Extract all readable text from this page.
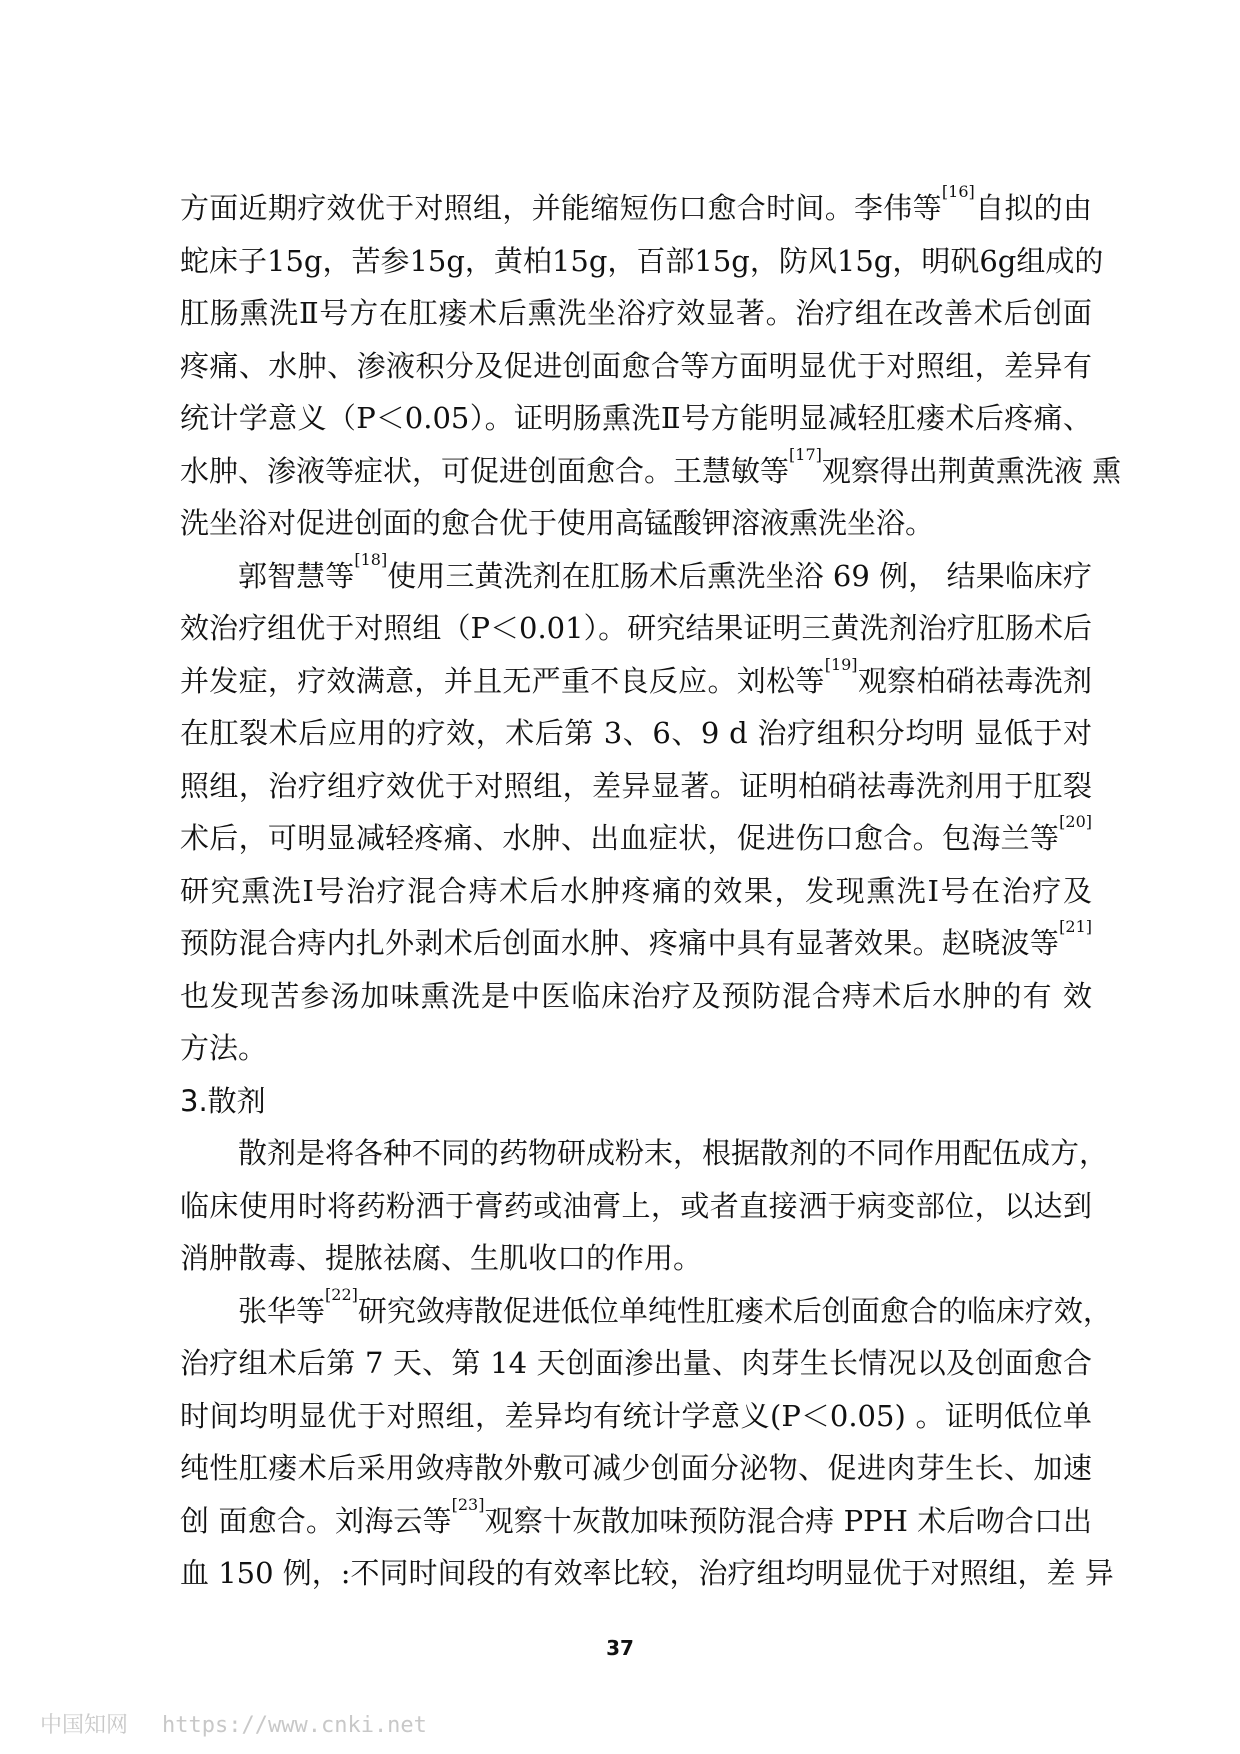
方面近期疗效优于对照组，并能缩短伤口愈合时间。李伟等[16]自拟的由
蛇床子15g，苦参15g，黄柏15g，百部15g，防风15g，明矾6g组成的
肛肠熏洗Ⅱ号方在肛瘘术后熏洗坐浴疗效显著。治疗组在改善术后创面
疼痛、水肿、渗液积分及促进创面愈合等方面明显优于对照组，差异有
统计学意义（P＜0.05）。证明肠熏洗Ⅱ号方能明显减轻肛瘘术后疼痛、
水肿、渗液等症状，可促进创面愈合。王慧敏等[17]观察得出荆黄熏洗液 熏
洗坐浴对促进创面的愈合优于使用高锰酸钾溶液熏洗坐浴。
郭智慧等[18]使用三黄洗剂在肛肠术后熏洗坐浴 69 例， 结果临床疗
效治疗组优于对照组（P＜0.01）。研究结果证明三黄洗剂治疗肛肠术后
并发症，疗效满意，并且无严重不良反应。刘松等[19]观察柏硝祛毒洗剂
在肛裂术后应用的疗效，术后第 3、6、9 d 治疗组积分均明 显低于对
照组，治疗组疗效优于对照组，差异显著。证明柏硝祛毒洗剂用于肛裂
术后，可明显减轻疼痛、水肿、出血症状，促进伤口愈合。包海兰等[20]
研究熏洗Ⅰ号治疗混合痔术后水肿疼痛的效果，发现熏洗Ⅰ号在治疗及
预防混合痔内扎外剥术后创面水肿、疼痛中具有显著效果。赵晓波等[21]
也发现苦参汤加味熏洗是中医临床治疗及预防混合痔术后水肿的有 效
方法。
3.散剂
散剂是将各种不同的药物研成粉末，根据散剂的不同作用配伍成方，
临床使用时将药粉洒于膏药或油膏上，或者直接洒于病变部位，以达到
消肿散毒、提脓祛腐、生肌收口的作用。
张华等[22]研究敛痔散促进低位单纯性肛瘘术后创面愈合的临床疗效，
治疗组术后第 7 天、第 14 天创面渗出量、肉芽生长情况以及创面愈合
时间均明显优于对照组，差异均有统计学意义(P＜0.05) 。证明低位单
纯性肛瘘术后采用敛痔散外敷可减少创面分泌物、促进肉芽生长、加速
创 面愈合。刘海云等[23]观察十灰散加味预防混合痔 PPH 术后吻合口出
血 150 例，:不同时间段的有效率比较，治疗组均明显优于对照组，差 异
37
中国知网 https://www.cnki.net
